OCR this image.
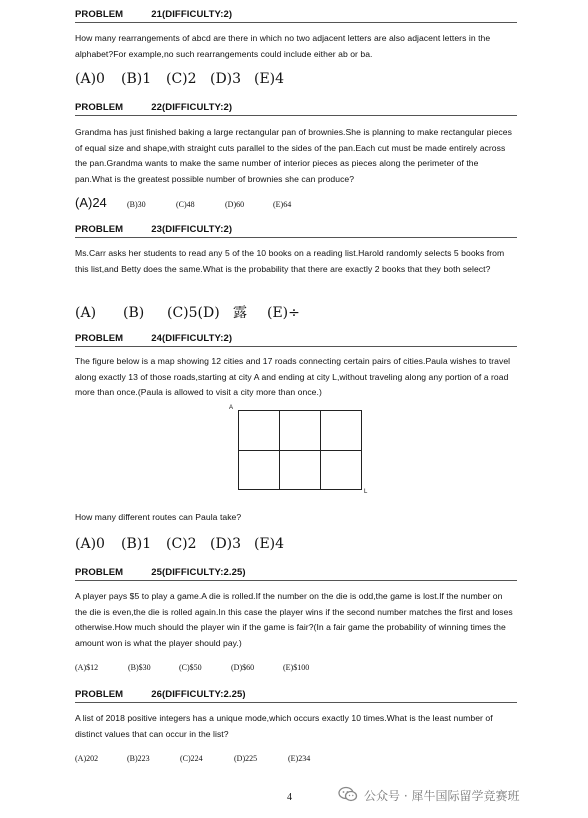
PROBLEM	21(DIFFICULTY:2)
How many rearrangements of abcd are there in which no two adjacent letters are also adjacent letters in the alphabet?For example,no such rearrangements could include either ab or ba.
(A)0	(B)1	(C)2 (D)3 (E)4
PROBLEM	22(DIFFICULTY:2)
Grandma has just finished baking a large rectangular pan of brownies.She is planning to make rectangular pieces of equal size and shape,with straight cuts parallel to the sides of the pan.Each cut must be made entirely across the pan.Grandma wants to make the same number of interior pieces as pieces along the perimeter of the pan.What is the greatest possible number of brownies she can produce?
(A)24	(B)30	(C)48	(D)60	(E)64
PROBLEM	23(DIFFICULTY:2)
Ms.Carr asks her students to read any 5 of the 10 books on a reading list.Harold randomly selects 5 books from this list,and Betty does the same.What is the probability that there are exactly 2 books that they both select?
(A)	(B)	(C)5(D) 露	(E)÷
PROBLEM	24(DIFFICULTY:2)
The figure below is a map showing 12 cities and 17 roads connecting certain pairs of cities.Paula wishes to travel along exactly 13 of those roads,starting at city A and ending at city L,without traveling along any portion of a road more than once.(Paula is allowed to visit a city more than once.)
A
L
How many different routes can Paula take?
(A)0	(B)1	(C)2 (D)3 (E)4
PROBLEM	25(DIFFICULTY:2.25)
A player pays $5 to play a game.A die is rolled.If the number on the die is odd,the game is lost.If the number on the die is even,the die is rolled again.In this case the player wins if the second number matches the first and loses otherwise.How much should the player win if the game is fair?(In a fair game the probability of winning times the amount won is what the player should pay.)
(A)$12	(B)$30	(C)$50	(D)$60	(E)$100
PROBLEM	26(DIFFICULTY:2.25)
A list of 2018 positive integers has a unique mode,which occurs exactly 10 times.What is the least number of distinct values that can occur in the list?
(A)202	(B)223	(C)224	(D)225	(E)234
4	公众号 · 犀牛国际留学竞赛班
